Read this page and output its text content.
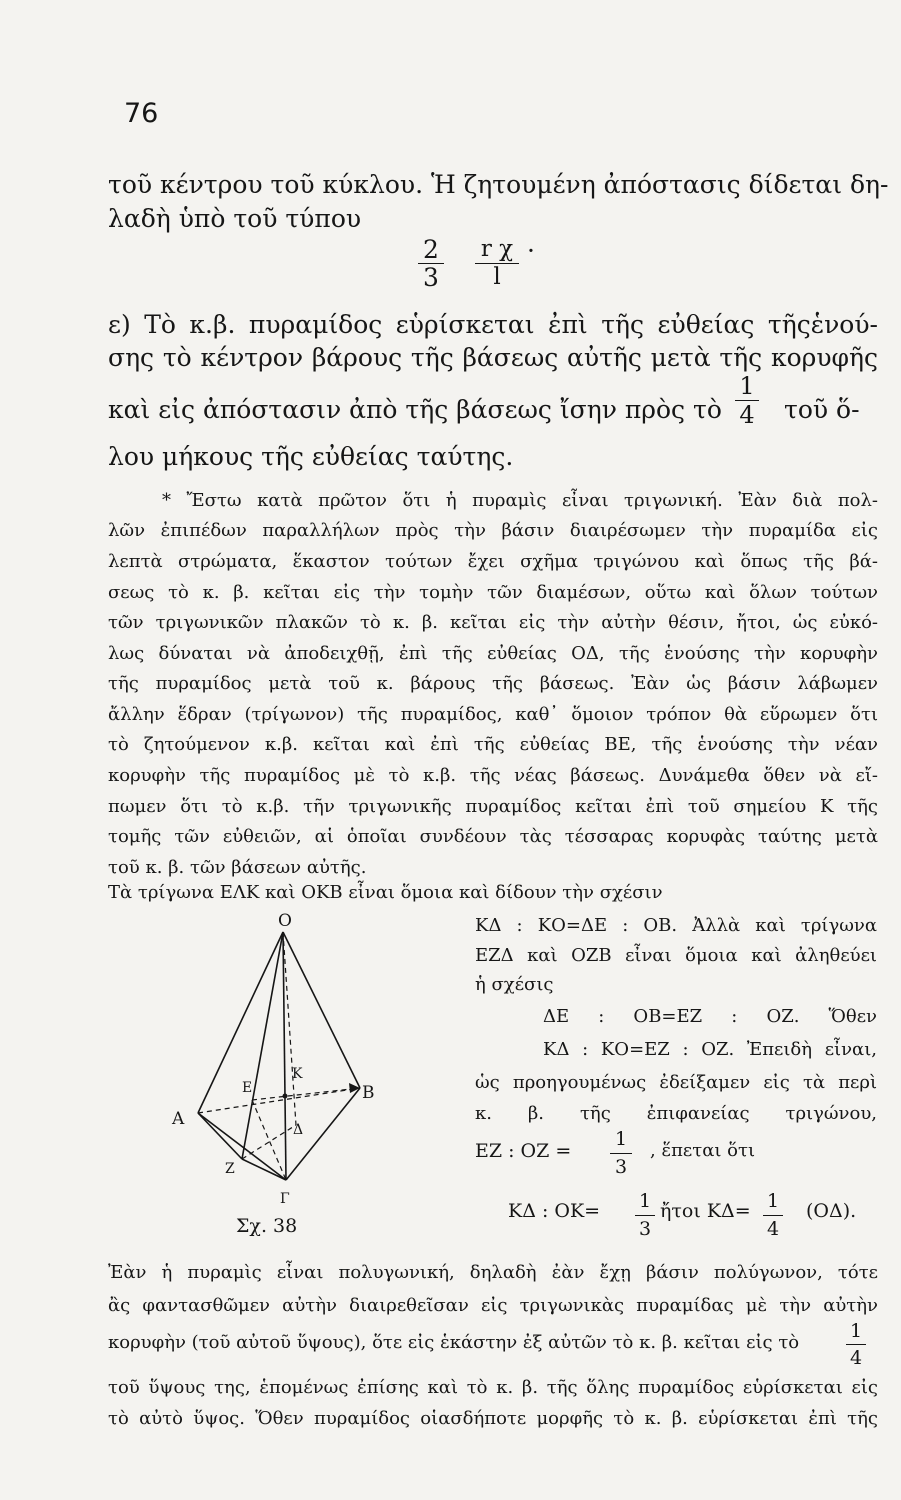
76
τοῦ κέντρου τοῦ κύκλου. Ἡ ζητουμένη ἀπόστασις δίδεται δη-
λαδὴ ὑπὸ τοῦ τύπου
$\frac{2}{3} \frac{\text{r χ}}{l}$ ·
ε) Τὸ κ.β. πυραμίδος εὑρίσκεται ἐπὶ τῆς εὐθείας τῆςἑνού-
σης τὸ κέντρον βάρους τῆς βάσεως αὐτῆς μετὰ τῆς κορυφῆς
καὶ εἰς ἀπόστασιν ἀπὸ τῆς βάσεως ἴσην πρὸς τὸ $\frac{1}{4}$ τοῦ ὅ-
λου μήκους τῆς εὐθείας ταύτης.
* Ἔστω κατὰ πρῶτον ὅτι ἡ πυραμὶς εἶναι τριγωνική. Ἐὰν διὰ πολ-
λῶν ἐπιπέδων παραλλήλων πρὸς τὴν βάσιν διαιρέσωμεν τὴν πυραμίδα εἰς
λεπτὰ στρώματα, ἕκαστον τούτων ἔχει σχῆμα τριγώνου καὶ ὅπως τῆς βά-
σεως τὸ κ. β. κεῖται εἰς τὴν τομὴν τῶν διαμέσων, οὕτω καὶ ὅλων τούτων
τῶν τριγωνικῶν πλακῶν τὸ κ. β. κεῖται εἰς τὴν αὐτὴν θέσιν, ἤτοι, ὡς εὐκό-
λως δύναται νὰ ἀποδειχθῇ, ἐπὶ τῆς εὐθείας ΟΔ, τῆς ἑνούσης τὴν κορυφὴν
τῆς πυραμίδος μετὰ τοῦ κ. βάρους τῆς βάσεως. Ἐὰν ὡς βάσιν λάβωμεν
ἄλλην ἕδραν (τρίγωνον) τῆς πυραμίδος, καθ᾽ ὅμοιον τρόπον θὰ εὕρωμεν ὅτι
τὸ ζητούμενον κ.β. κεῖται καὶ ἐπὶ τῆς εὐθείας ΒΕ, τῆς ἑνούσης τὴν νέαν
κορυφὴν τῆς πυραμίδος μὲ τὸ κ.β. τῆς νέας βάσεως. Δυνάμεθα ὅθεν νὰ εἴ-
πωμεν ὅτι τὸ κ.β. τῆν τριγωνικῆς πυραμίδος κεῖται ἐπὶ τοῦ σημείου Κ τῆς
τομῆς τῶν εὐθειῶν, αἱ ὁποῖαι συνδέουν τὰς τέσσαρας κορυφὰς ταύτης μετὰ
τοῦ κ. β. τῶν βάσεων αὐτῆς.
Τὰ τρίγωνα ΕΛΚ καὶ ΟΚΒ εἶναι ὅμοια καὶ δίδουν τὴν σχέσιν
ΚΔ : ΚΟ=ΔΕ : ΟΒ. Ἀλλὰ καὶ τρίγωνα
ΕΖΔ καὶ ΟΖΒ εἶναι ὅμοια καὶ ἀληθεύει
ἡ σχέσις
ΔΕ : ΟΒ=ΕΖ : ΟΖ. Ὅθεν
ΚΔ : ΚΟ=ΕΖ : ΟΖ. Ἐπειδὴ εἶναι,
ὡς προηγουμένως ἐδείξαμεν εἰς τὰ περὶ
κ. β. τῆς ἐπιφανείας τριγώνου,
ΕΖ : $OZ = \frac{1}{3}$ , ἕπεται ὅτι
ΚΔ : $OK= \frac{1}{3}$ ἤτοι $K\Delta= \frac{1}{4} (O\Delta)$.
O
E
K
B
A
Δ
Z
Γ
Σχ. 38
Ἐὰν ἡ πυραμὶς εἶναι πολυγωνική, δηλαδὴ ἐὰν ἔχῃ βάσιν πολύγωνον, τότε
ἂς φαντασθῶμεν αὐτὴν διαιρεθεῖσαν εἰς τριγωνικὰς πυραμίδας μὲ τὴν αὐτὴν
κορυφὴν (τοῦ αὐτοῦ ὕψους), ὅτε εἰς ἑκάστην ἐξ αὐτῶν τὸ κ. β. κεῖται εἰς τὸ	$\frac{1}{4}$
τοῦ ὕψους της, ἑπομένως ἐπίσης καὶ τὸ κ. β. τῆς ὅλης πυραμίδος εὑρίσκεται εἰς
τὸ αὐτὸ ὕψος. Ὅθεν πυραμίδος οἱασδήποτε μορφῆς τὸ κ. β. εὑρίσκεται ἐπὶ τῆς
